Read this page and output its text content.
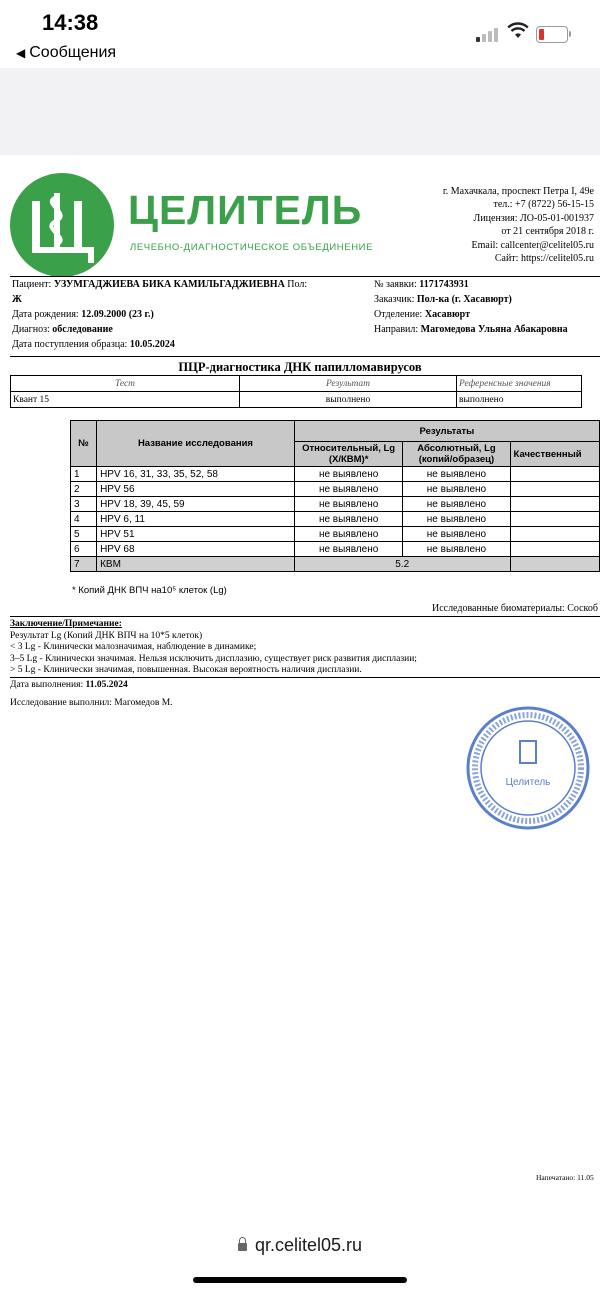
14:38
◀ Сообщения
ЦЕЛИТЕЛЬ
ЛЕЧЕБНО-ДИАГНОСТИЧЕСКОЕ ОБЪЕДИНЕНИЕ
г. Махачкала, проспект Петра I, 49е
тел.: +7 (8722) 56-15-15
Лицензия: ЛО-05-01-001937
от 21 сентября 2018 г.
Email: callcenter@celitel05.ru
Сайт: https://celitel05.ru
Пациент: УЗУМГАДЖИЕВА БИКА КАМИЛЬГАДЖИЕВНА Пол:
Ж
Дата рождения: 12.09.2000 (23 г.)
Диагноз: обследование
Дата поступления образца: 10.05.2024
№ заявки: 1171743931
Заказчик: Пол-ка (г. Хасавюрт)
Отделение: Хасавюрт
Направил: Магомедова Ульяна Абакаровна
ПЦР-диагностика ДНК папилломавирусов
Тест	Результат	Референсные значения
Квант 15	выполнено	выполнено
№	Название исследования	Результаты		
		Относительный, Lg (X/КВМ)*	Абсолютный, Lg (копий/образец)	Качественный
1	HPV 16, 31, 33, 35, 52, 58	не выявлено	не выявлено	
2	HPV 56	не выявлено	не выявлено	
3	HPV 18, 39, 45, 59	не выявлено	не выявлено	
4	HPV 6, 11	не выявлено	не выявлено	
5	HPV 51	не выявлено	не выявлено	
6	HPV 68	не выявлено	не выявлено	
7	КВМ	5.2		
* Копий ДНК ВПЧ на10⁵ клеток (Lg)
Исследованные биоматериалы: Соскоб
Заключение/Примечание:
Результат Lg (Копий ДНК ВПЧ на 10*5 клеток)
< 3 Lg - Клинически малозначимая, наблюдение в динамике;
3–5 Lg - Клинически значимая. Нельзя исключить дисплазию, существует риск развития дисплазии;
> 5 Lg - Клинически значимая, повышенная. Высокая вероятность наличия дисплазии.
Дата выполнения: 11.05.2024
Исследование выполнил: Магомедов М.
Целитель
Напечатано: 11.05
qr.celitel05.ru
